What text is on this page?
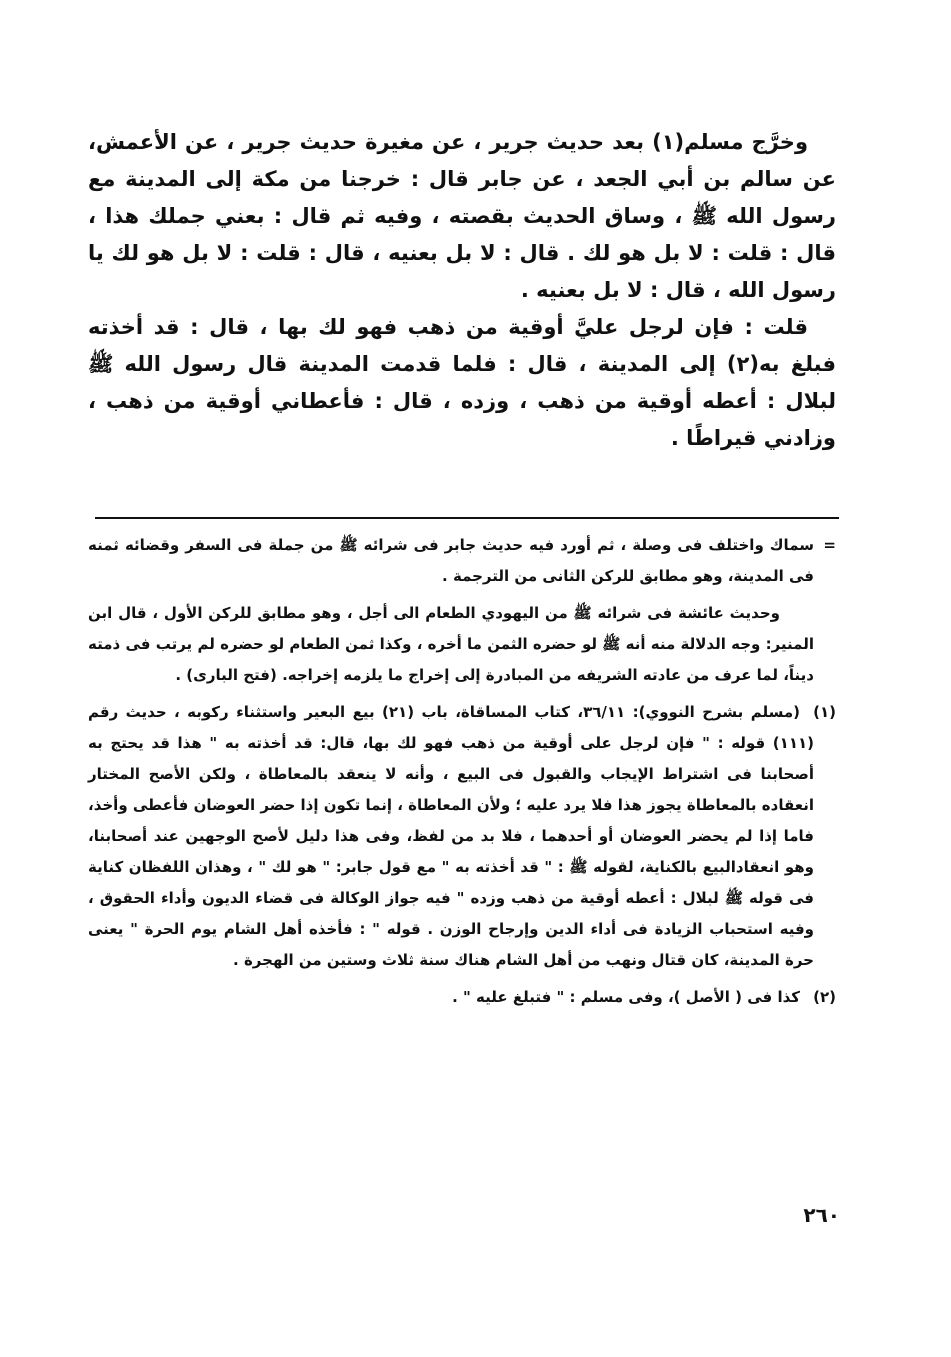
وخرَّج مسلم(١) بعد حديث جرير ، عن مغيرة حديث جرير ، عن الأعمش، عن سالم بن أبي الجعد ، عن جابر قال : خرجنا من مكة إلى المدينة مع رسول الله ﷺ ، وساق الحديث بقصته ، وفيه ثم قال : بعني جملك هذا ، قال : قلت : لا بل هو لك . قال : لا بل بعنيه ، قال : قلت : لا بل هو لك يا رسول الله ، قال : لا بل بعنيه .

قلت : فإن لرجل عليَّ أوقية من ذهب فهو لك بها ، قال : قد أخذته فبلغ به(٢) إلى المدينة ، قال : فلما قدمت المدينة قال رسول الله ﷺ لبلال : أعطه أوقية من ذهب ، وزده ، قال : فأعطاني أوقية من ذهب ، وزادني قيراطًا .

=
سماك واختلف فى وصلة ، ثم أورد فيه حديث جابر فى شرائه ﷺ من جملة فى السفر وقضائه ثمنه فى المدينة، وهو مطابق للركن الثانى من الترجمة .
وحديث عائشة فى شرائه ﷺ من اليهودي الطعام الى أجل ، وهو مطابق للركن الأول ، قال ابن المنير: وجه الدلالة منه أنه ﷺ لو حضره الثمن ما أخره ، وكذا ثمن الطعام لو حضره لم يرتب فى ذمته ديناً، لما عرف من عادته الشريفه من المبادرة إلى إخراج ما يلزمه إخراجه. (فتح البارى) .
(١)
(مسلم بشرح النووي): ٣٦/١١، كتاب المساقاة، باب (٢١) بيع البعير واستثناء ركوبه ، حديث رقم (١١١) قوله : " فإن لرجل على أوقية من ذهب فهو لك بها، قال: قد أخذته به " هذا قد يحتج به أصحابنا فى اشتراط الإيجاب والقبول فى البيع ، وأنه لا ينعقد بالمعاطاة ، ولكن الأصح المختار انعقاده بالمعاطاة يجوز هذا فلا يرد عليه ؛ ولأن المعاطاة ، إنما تكون إذا حضر العوضان فأعطى وأخذ، فاما إذا لم يحضر العوضان أو أحدهما ، فلا بد من لفظ، وفى هذا دليل لأصح الوجهين عند أصحابنا، وهو انعقادالبيع بالكناية، لقوله ﷺ : " قد أخذته به " مع قول جابر: " هو لك " ، وهذان اللفظان كناية فى قوله ﷺ لبلال : أعطه أوقية من ذهب وزده " فيه جواز الوكالة فى قضاء الديون وأداء الحقوق ، وفيه استحباب الزيادة فى أداء الدين وإرجاح الوزن . قوله " : فأخذه أهل الشام يوم الحرة " يعنى حرة المدينة، كان قتال ونهب من أهل الشام هناك سنة ثلاث وستين من الهجرة .
(٢)
كذا فى ( الأصل )، وفى مسلم : " فتبلغ عليه " .
٢٦٠
